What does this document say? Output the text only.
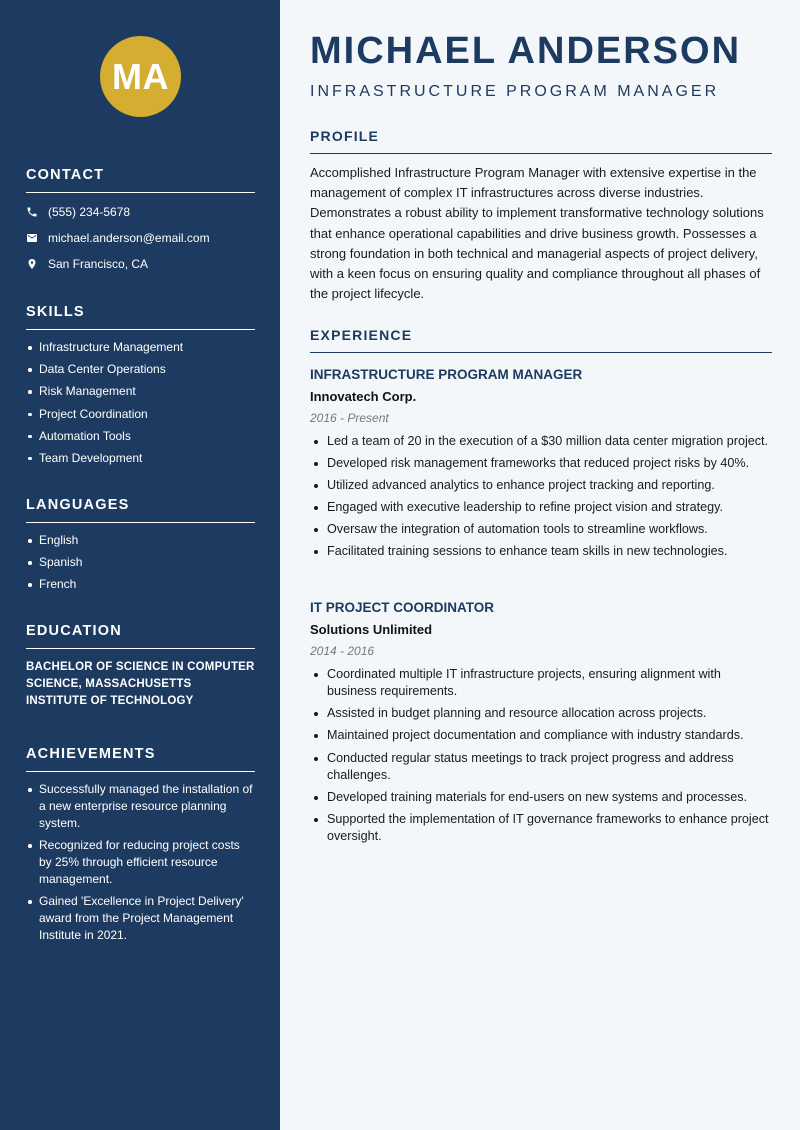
MA
CONTACT
(555) 234-5678
michael.anderson@email.com
San Francisco, CA
SKILLS
Infrastructure Management
Data Center Operations
Risk Management
Project Coordination
Automation Tools
Team Development
LANGUAGES
English
Spanish
French
EDUCATION

BACHELOR OF SCIENCE IN COMPUTER SCIENCE, MASSACHUSETTS INSTITUTE OF TECHNOLOGY

ACHIEVEMENTS
Successfully managed the installation of a new enterprise resource planning system.
Recognized for reducing project costs by 25% through efficient resource management.
Gained 'Excellence in Project Delivery' award from the Project Management Institute in 2021.
MICHAEL ANDERSON
INFRASTRUCTURE PROGRAM MANAGER
PROFILE

Accomplished Infrastructure Program Manager with extensive expertise in the management of complex IT infrastructures across diverse industries. Demonstrates a robust ability to implement transformative technology solutions that enhance operational capabilities and drive business growth. Possesses a strong foundation in both technical and managerial aspects of project delivery, with a keen focus on ensuring quality and compliance throughout all phases of the project lifecycle.

EXPERIENCE
INFRASTRUCTURE PROGRAM MANAGER
Innovatech Corp.
2016 - Present
Led a team of 20 in the execution of a $30 million data center migration project.
Developed risk management frameworks that reduced project risks by 40%.
Utilized advanced analytics to enhance project tracking and reporting.
Engaged with executive leadership to refine project vision and strategy.
Oversaw the integration of automation tools to streamline workflows.
Facilitated training sessions to enhance team skills in new technologies.
IT PROJECT COORDINATOR
Solutions Unlimited
2014 - 2016
Coordinated multiple IT infrastructure projects, ensuring alignment with business requirements.
Assisted in budget planning and resource allocation across projects.
Maintained project documentation and compliance with industry standards.
Conducted regular status meetings to track project progress and address challenges.
Developed training materials for end-users on new systems and processes.
Supported the implementation of IT governance frameworks to enhance project oversight.
